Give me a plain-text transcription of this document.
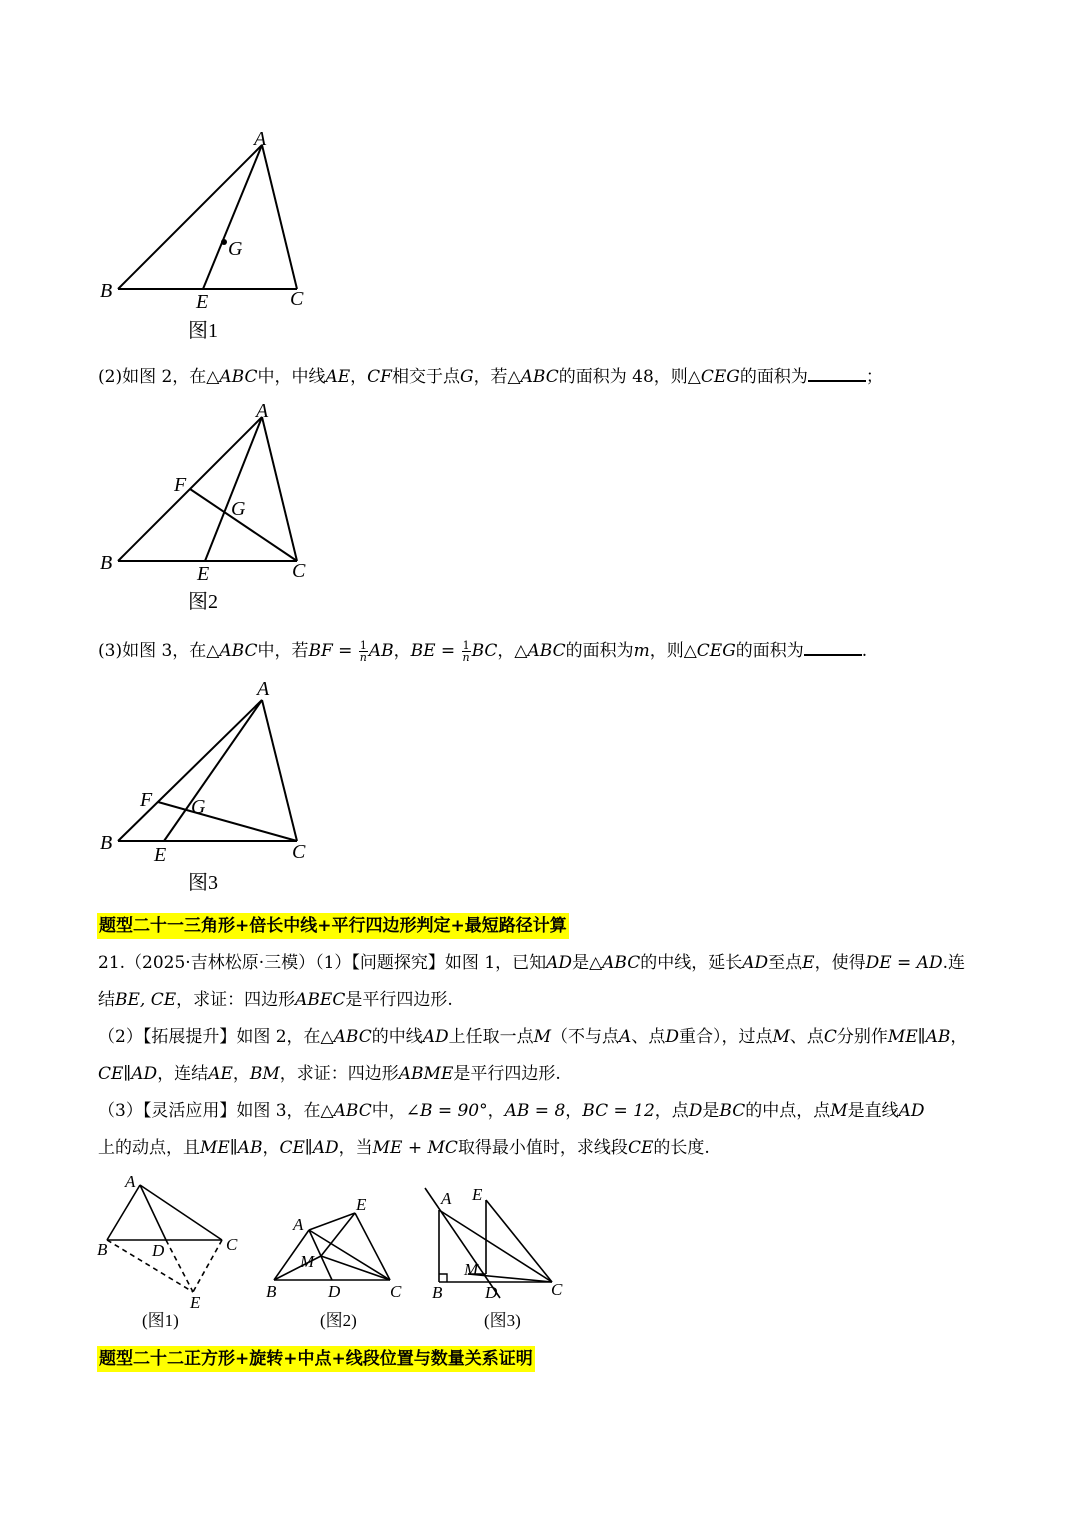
A
B	C
E
G
图1
(2)如图 2，在△ABC中，中线AE，CF相交于点G，若△ABC的面积为 48，则△CEG的面积为	；
A
B	C
E
F
G
图2
(3)如图 3，在△ABC中，若BF = $\frac{1}{n}$ AB，BE = $\frac{1}{n}$ BC，△ABC的面积为m，则△CEG的面积为	.
A
B	C
E
F G
图3
题型二十一三角形+倍长中线+平行四边形判定+最短路径计算
21.（2025·吉林松原·三模）（1）【问题探究】如图 1，已知AD是△ABC的中线，延长AD至点E，使得DE = AD.连
结BE, CE，求证：四边形ABEC是平行四边形.
（2）【拓展提升】如图 2，在△ABC的中线AD上任取一点M（不与点A、点D重合），过点M、点C分别作ME∥AB，
CE∥AD，连结AE，BM，求证：四边形ABME是平行四边形.
（3）【灵活应用】如图 3，在△ABC中，∠B = 90°，AB = 8，BC = 12，点D是BC的中点，点M是直线AD
上的动点，且ME∥AB，CE∥AD，当ME + MC取得最小值时，求线段CE的长度.
A
B	C
D
E
(图1)
A
B	C
D
E
M
(图2)
A
B	C
D
E
M
(图3)
题型二十二正方形+旋转+中点+线段位置与数量关系证明
